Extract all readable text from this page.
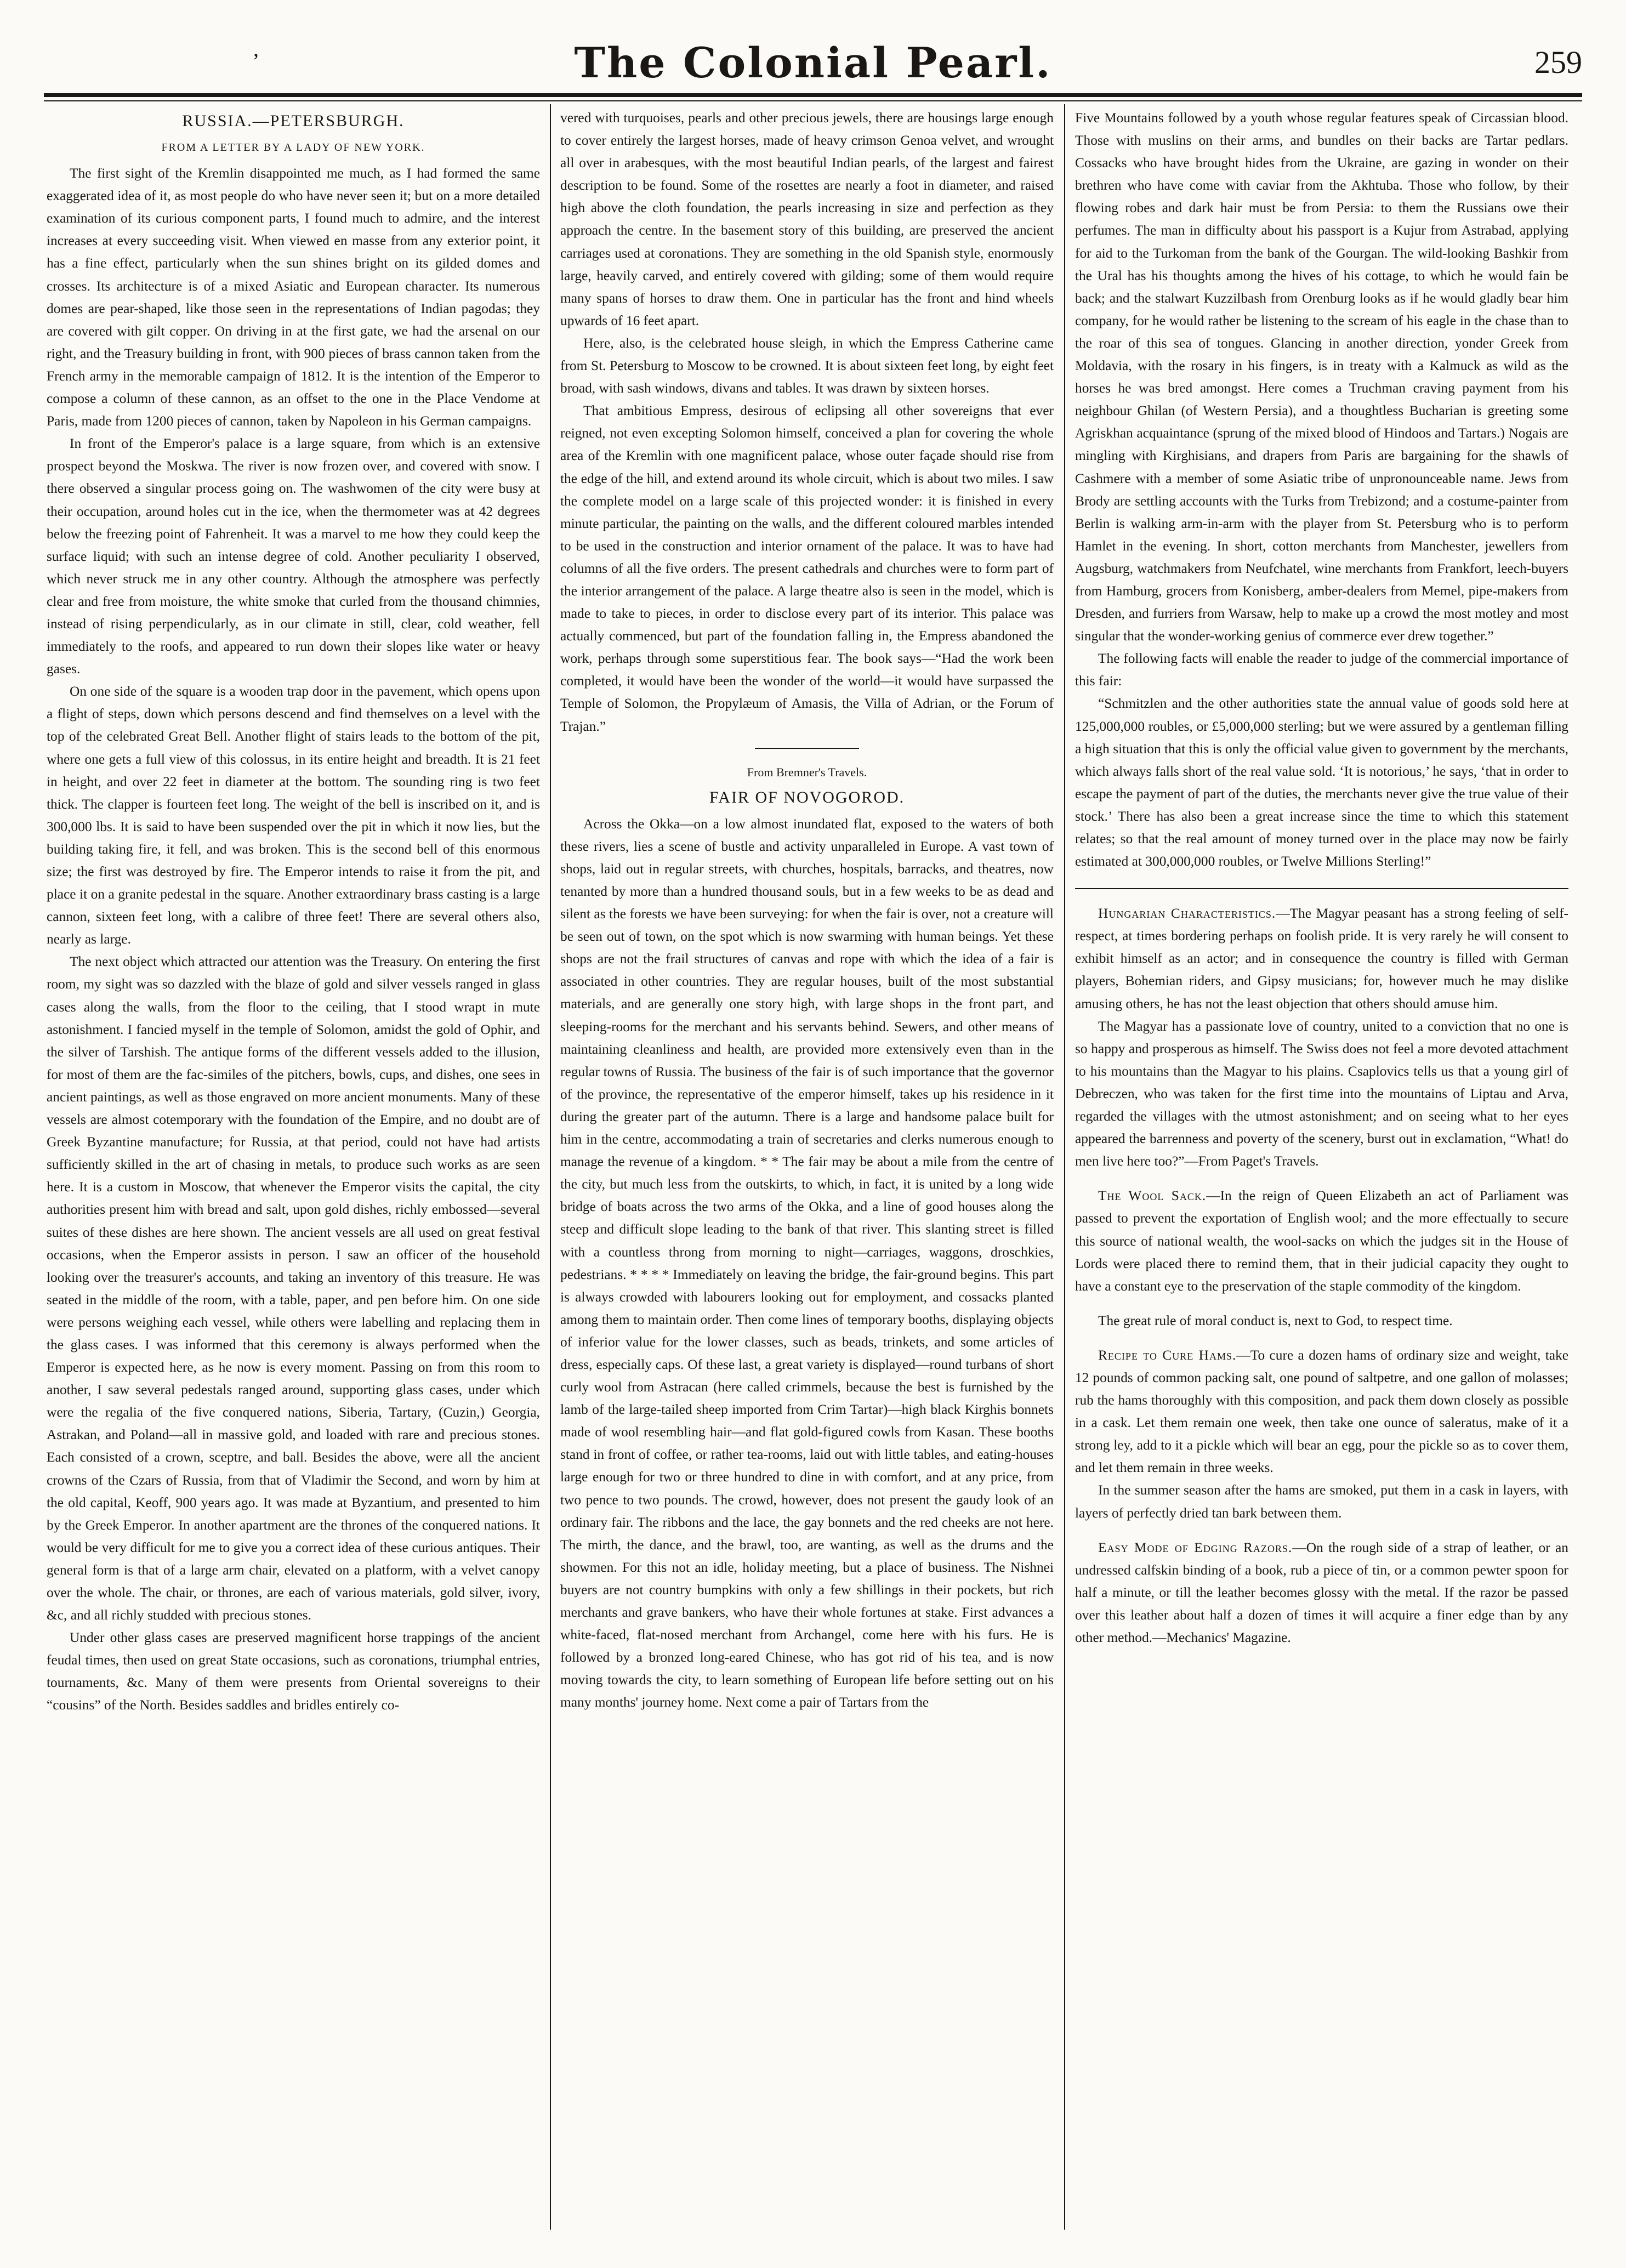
’	The Colonial Pearl.	259
RUSSIA.—PETERSBURGH.
FROM A LETTER BY A LADY OF NEW YORK.

The first sight of the Kremlin disappointed me much, as I had formed the same exaggerated idea of it, as most people do who have never seen it; but on a more detailed examination of its curious component parts, I found much to admire, and the interest increases at every succeeding visit. When viewed en masse from any exterior point, it has a fine effect, particularly when the sun shines bright on its gilded domes and crosses. Its architecture is of a mixed Asiatic and European character. Its numerous domes are pear-shaped, like those seen in the representations of Indian pagodas; they are covered with gilt copper. On driving in at the first gate, we had the arsenal on our right, and the Treasury building in front, with 900 pieces of brass cannon taken from the French army in the memorable campaign of 1812. It is the intention of the Emperor to compose a column of these cannon, as an offset to the one in the Place Vendome at Paris, made from 1200 pieces of cannon, taken by Napoleon in his German campaigns.

In front of the Emperor's palace is a large square, from which is an extensive prospect beyond the Moskwa. The river is now frozen over, and covered with snow. I there observed a singular process going on. The washwomen of the city were busy at their occupation, around holes cut in the ice, when the thermometer was at 42 degrees below the freezing point of Fahrenheit. It was a marvel to me how they could keep the surface liquid; with such an intense degree of cold. Another peculiarity I observed, which never struck me in any other country. Although the atmosphere was perfectly clear and free from moisture, the white smoke that curled from the thousand chimnies, instead of rising perpendicularly, as in our climate in still, clear, cold weather, fell immediately to the roofs, and appeared to run down their slopes like water or heavy gases.

On one side of the square is a wooden trap door in the pavement, which opens upon a flight of steps, down which persons descend and find themselves on a level with the top of the celebrated Great Bell. Another flight of stairs leads to the bottom of the pit, where one gets a full view of this colossus, in its entire height and breadth. It is 21 feet in height, and over 22 feet in diameter at the bottom. The sounding ring is two feet thick. The clapper is fourteen feet long. The weight of the bell is inscribed on it, and is 300,000 lbs. It is said to have been suspended over the pit in which it now lies, but the building taking fire, it fell, and was broken. This is the second bell of this enormous size; the first was destroyed by fire. The Emperor intends to raise it from the pit, and place it on a granite pedestal in the square. Another extraordinary brass casting is a large cannon, sixteen feet long, with a calibre of three feet! There are several others also, nearly as large.

The next object which attracted our attention was the Treasury. On entering the first room, my sight was so dazzled with the blaze of gold and silver vessels ranged in glass cases along the walls, from the floor to the ceiling, that I stood wrapt in mute astonishment. I fancied myself in the temple of Solomon, amidst the gold of Ophir, and the silver of Tarshish. The antique forms of the different vessels added to the illusion, for most of them are the fac-similes of the pitchers, bowls, cups, and dishes, one sees in ancient paintings, as well as those engraved on more ancient monuments. Many of these vessels are almost cotemporary with the foundation of the Empire, and no doubt are of Greek Byzantine manufacture; for Russia, at that period, could not have had artists sufficiently skilled in the art of chasing in metals, to produce such works as are seen here. It is a custom in Moscow, that whenever the Emperor visits the capital, the city authorities present him with bread and salt, upon gold dishes, richly embossed—several suites of these dishes are here shown. The ancient vessels are all used on great festival occasions, when the Emperor assists in person. I saw an officer of the household looking over the treasurer's accounts, and taking an inventory of this treasure. He was seated in the middle of the room, with a table, paper, and pen before him. On one side were persons weighing each vessel, while others were labelling and replacing them in the glass cases. I was informed that this ceremony is always performed when the Emperor is expected here, as he now is every moment. Passing on from this room to another, I saw several pedestals ranged around, supporting glass cases, under which were the regalia of the five conquered nations, Siberia, Tartary, (Cuzin,) Georgia, Astrakan, and Poland—all in massive gold, and loaded with rare and precious stones. Each consisted of a crown, sceptre, and ball. Besides the above, were all the ancient crowns of the Czars of Russia, from that of Vladimir the Second, and worn by him at the old capital, Keoff, 900 years ago. It was made at Byzantium, and presented to him by the Greek Emperor. In another apartment are the thrones of the conquered nations. It would be very difficult for me to give you a correct idea of these curious antiques. Their general form is that of a large arm chair, elevated on a platform, with a velvet canopy over the whole. The chair, or thrones, are each of various materials, gold silver, ivory, &c, and all richly studded with precious stones.

Under other glass cases are preserved magnificent horse trappings of the ancient feudal times, then used on great State occasions, such as coronations, triumphal entries, tournaments, &c. Many of them were presents from Oriental sovereigns to their “cousins” of the North. Besides saddles and bridles entirely co-

vered with turquoises, pearls and other precious jewels, there are housings large enough to cover entirely the largest horses, made of heavy crimson Genoa velvet, and wrought all over in arabesques, with the most beautiful Indian pearls, of the largest and fairest description to be found. Some of the rosettes are nearly a foot in diameter, and raised high above the cloth foundation, the pearls increasing in size and perfection as they approach the centre. In the basement story of this building, are preserved the ancient carriages used at coronations. They are something in the old Spanish style, enormously large, heavily carved, and entirely covered with gilding; some of them would require many spans of horses to draw them. One in particular has the front and hind wheels upwards of 16 feet apart.

Here, also, is the celebrated house sleigh, in which the Empress Catherine came from St. Petersburg to Moscow to be crowned. It is about sixteen feet long, by eight feet broad, with sash windows, divans and tables. It was drawn by sixteen horses.

That ambitious Empress, desirous of eclipsing all other sovereigns that ever reigned, not even excepting Solomon himself, conceived a plan for covering the whole area of the Kremlin with one magnificent palace, whose outer façade should rise from the edge of the hill, and extend around its whole circuit, which is about two miles. I saw the complete model on a large scale of this projected wonder: it is finished in every minute particular, the painting on the walls, and the different coloured marbles intended to be used in the construction and interior ornament of the palace. It was to have had columns of all the five orders. The present cathedrals and churches were to form part of the interior arrangement of the palace. A large theatre also is seen in the model, which is made to take to pieces, in order to disclose every part of its interior. This palace was actually commenced, but part of the foundation falling in, the Empress abandoned the work, perhaps through some superstitious fear. The book says—“Had the work been completed, it would have been the wonder of the world—it would have surpassed the Temple of Solomon, the Propylæum of Amasis, the Villa of Adrian, or the Forum of Trajan.”

From Bremner's Travels.
FAIR OF NOVOGOROD.

Across the Okka—on a low almost inundated flat, exposed to the waters of both these rivers, lies a scene of bustle and activity unparalleled in Europe. A vast town of shops, laid out in regular streets, with churches, hospitals, barracks, and theatres, now tenanted by more than a hundred thousand souls, but in a few weeks to be as dead and silent as the forests we have been surveying: for when the fair is over, not a creature will be seen out of town, on the spot which is now swarming with human beings. Yet these shops are not the frail structures of canvas and rope with which the idea of a fair is associated in other countries. They are regular houses, built of the most substantial materials, and are generally one story high, with large shops in the front part, and sleeping-rooms for the merchant and his servants behind. Sewers, and other means of maintaining cleanliness and health, are provided more extensively even than in the regular towns of Russia. The business of the fair is of such importance that the governor of the province, the representative of the emperor himself, takes up his residence in it during the greater part of the autumn. There is a large and handsome palace built for him in the centre, accommodating a train of secretaries and clerks numerous enough to manage the revenue of a kingdom. * * The fair may be about a mile from the centre of the city, but much less from the outskirts, to which, in fact, it is united by a long wide bridge of boats across the two arms of the Okka, and a line of good houses along the steep and difficult slope leading to the bank of that river. This slanting street is filled with a countless throng from morning to night—carriages, waggons, droschkies, pedestrians. * * * * Immediately on leaving the bridge, the fair-ground begins. This part is always crowded with labourers looking out for employment, and cossacks planted among them to maintain order. Then come lines of temporary booths, displaying objects of inferior value for the lower classes, such as beads, trinkets, and some articles of dress, especially caps. Of these last, a great variety is displayed—round turbans of short curly wool from Astracan (here called crimmels, because the best is furnished by the lamb of the large-tailed sheep imported from Crim Tartar)—high black Kirghis bonnets made of wool resembling hair—and flat gold-figured cowls from Kasan. These booths stand in front of coffee, or rather tea-rooms, laid out with little tables, and eating-houses large enough for two or three hundred to dine in with comfort, and at any price, from two pence to two pounds. The crowd, however, does not present the gaudy look of an ordinary fair. The ribbons and the lace, the gay bonnets and the red cheeks are not here. The mirth, the dance, and the brawl, too, are wanting, as well as the drums and the showmen. For this not an idle, holiday meeting, but a place of business. The Nishnei buyers are not country bumpkins with only a few shillings in their pockets, but rich merchants and grave bankers, who have their whole fortunes at stake. First advances a white-faced, flat-nosed merchant from Archangel, come here with his furs. He is followed by a bronzed long-eared Chinese, who has got rid of his tea, and is now moving towards the city, to learn something of European life before setting out on his many months' journey home. Next come a pair of Tartars from the

Five Mountains followed by a youth whose regular features speak of Circassian blood. Those with muslins on their arms, and bundles on their backs are Tartar pedlars. Cossacks who have brought hides from the Ukraine, are gazing in wonder on their brethren who have come with caviar from the Akhtuba. Those who follow, by their flowing robes and dark hair must be from Persia: to them the Russians owe their perfumes. The man in difficulty about his passport is a Kujur from Astrabad, applying for aid to the Turkoman from the bank of the Gourgan. The wild-looking Bashkir from the Ural has his thoughts among the hives of his cottage, to which he would fain be back; and the stalwart Kuzzilbash from Orenburg looks as if he would gladly bear him company, for he would rather be listening to the scream of his eagle in the chase than to the roar of this sea of tongues. Glancing in another direction, yonder Greek from Moldavia, with the rosary in his fingers, is in treaty with a Kalmuck as wild as the horses he was bred amongst. Here comes a Truchman craving payment from his neighbour Ghilan (of Western Persia), and a thoughtless Bucharian is greeting some Agriskhan acquaintance (sprung of the mixed blood of Hindoos and Tartars.) Nogais are mingling with Kirghisians, and drapers from Paris are bargaining for the shawls of Cashmere with a member of some Asiatic tribe of unpronounceable name. Jews from Brody are settling accounts with the Turks from Trebizond; and a costume-painter from Berlin is walking arm-in-arm with the player from St. Petersburg who is to perform Hamlet in the evening. In short, cotton merchants from Manchester, jewellers from Augsburg, watchmakers from Neufchatel, wine merchants from Frankfort, leech-buyers from Hamburg, grocers from Konisberg, amber-dealers from Memel, pipe-makers from Dresden, and furriers from Warsaw, help to make up a crowd the most motley and most singular that the wonder-working genius of commerce ever drew together.”

The following facts will enable the reader to judge of the commercial importance of this fair:

“Schmitzlen and the other authorities state the annual value of goods sold here at 125,000,000 roubles, or £5,000,000 sterling; but we were assured by a gentleman filling a high situation that this is only the official value given to government by the merchants, which always falls short of the real value sold. ‘It is notorious,’ he says, ‘that in order to escape the payment of part of the duties, the merchants never give the true value of their stock.’ There has also been a great increase since the time to which this statement relates; so that the real amount of money turned over in the place may now be fairly estimated at 300,000,000 roubles, or Twelve Millions Sterling!”

Hungarian Characteristics.—The Magyar peasant has a strong feeling of self-respect, at times bordering perhaps on foolish pride. It is very rarely he will consent to exhibit himself as an actor; and in consequence the country is filled with German players, Bohemian riders, and Gipsy musicians; for, however much he may dislike amusing others, he has not the least objection that others should amuse him.

The Magyar has a passionate love of country, united to a conviction that no one is so happy and prosperous as himself. The Swiss does not feel a more devoted attachment to his mountains than the Magyar to his plains. Csaplovics tells us that a young girl of Debreczen, who was taken for the first time into the mountains of Liptau and Arva, regarded the villages with the utmost astonishment; and on seeing what to her eyes appeared the barrenness and poverty of the scenery, burst out in exclamation, “What! do men live here too?”—From Paget's Travels.

The Wool Sack.—In the reign of Queen Elizabeth an act of Parliament was passed to prevent the exportation of English wool; and the more effectually to secure this source of national wealth, the wool-sacks on which the judges sit in the House of Lords were placed there to remind them, that in their judicial capacity they ought to have a constant eye to the preservation of the staple commodity of the kingdom.

The great rule of moral conduct is, next to God, to respect time.

Recipe to Cure Hams.—To cure a dozen hams of ordinary size and weight, take 12 pounds of common packing salt, one pound of saltpetre, and one gallon of molasses; rub the hams thoroughly with this composition, and pack them down closely as possible in a cask. Let them remain one week, then take one ounce of saleratus, make of it a strong ley, add to it a pickle which will bear an egg, pour the pickle so as to cover them, and let them remain in three weeks.

In the summer season after the hams are smoked, put them in a cask in layers, with layers of perfectly dried tan bark between them.

Easy Mode of Edging Razors.—On the rough side of a strap of leather, or an undressed calfskin binding of a book, rub a piece of tin, or a common pewter spoon for half a minute, or till the leather becomes glossy with the metal. If the razor be passed over this leather about half a dozen of times it will acquire a finer edge than by any other method.—Mechanics' Magazine.
